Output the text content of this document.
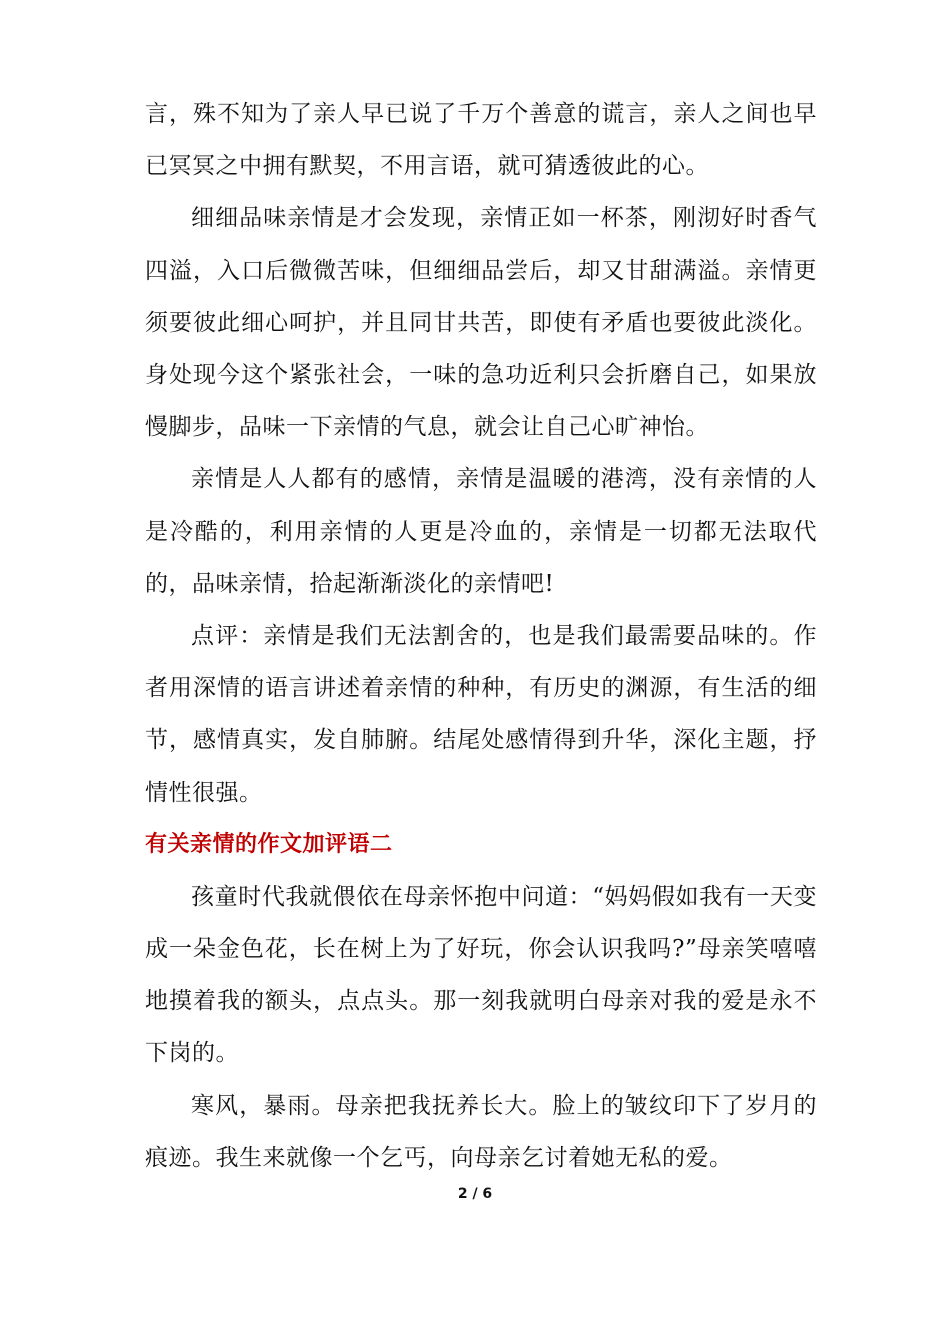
言，殊不知为了亲人早已说了千万个善意的谎言，亲人之间也早已冥冥之中拥有默契，不用言语，就可猜透彼此的心。

细细品味亲情是才会发现，亲情正如一杯茶，刚沏好时香气四溢，入口后微微苦味，但细细品尝后，却又甘甜满溢。亲情更须要彼此细心呵护，并且同甘共苦，即使有矛盾也要彼此淡化。身处现今这个紧张社会，一味的急功近利只会折磨自己，如果放慢脚步，品味一下亲情的气息，就会让自己心旷神怡。

亲情是人人都有的感情，亲情是温暖的港湾，没有亲情的人是冷酷的，利用亲情的人更是冷血的，亲情是一切都无法取代的，品味亲情，拾起渐渐淡化的亲情吧!

点评：亲情是我们无法割舍的，也是我们最需要品味的。作者用深情的语言讲述着亲情的种种，有历史的渊源，有生活的细节，感情真实，发自肺腑。结尾处感情得到升华，深化主题，抒情性很强。

有关亲情的作文加评语二

孩童时代我就偎依在母亲怀抱中问道：“妈妈假如我有一天变成一朵金色花，长在树上为了好玩，你会认识我吗?”母亲笑嘻嘻地摸着我的额头，点点头。那一刻我就明白母亲对我的爱是永不下岗的。

寒风，暴雨。母亲把我抚养长大。脸上的皱纹印下了岁月的痕迹。我生来就像一个乞丐，向母亲乞讨着她无私的爱。

2 / 6
